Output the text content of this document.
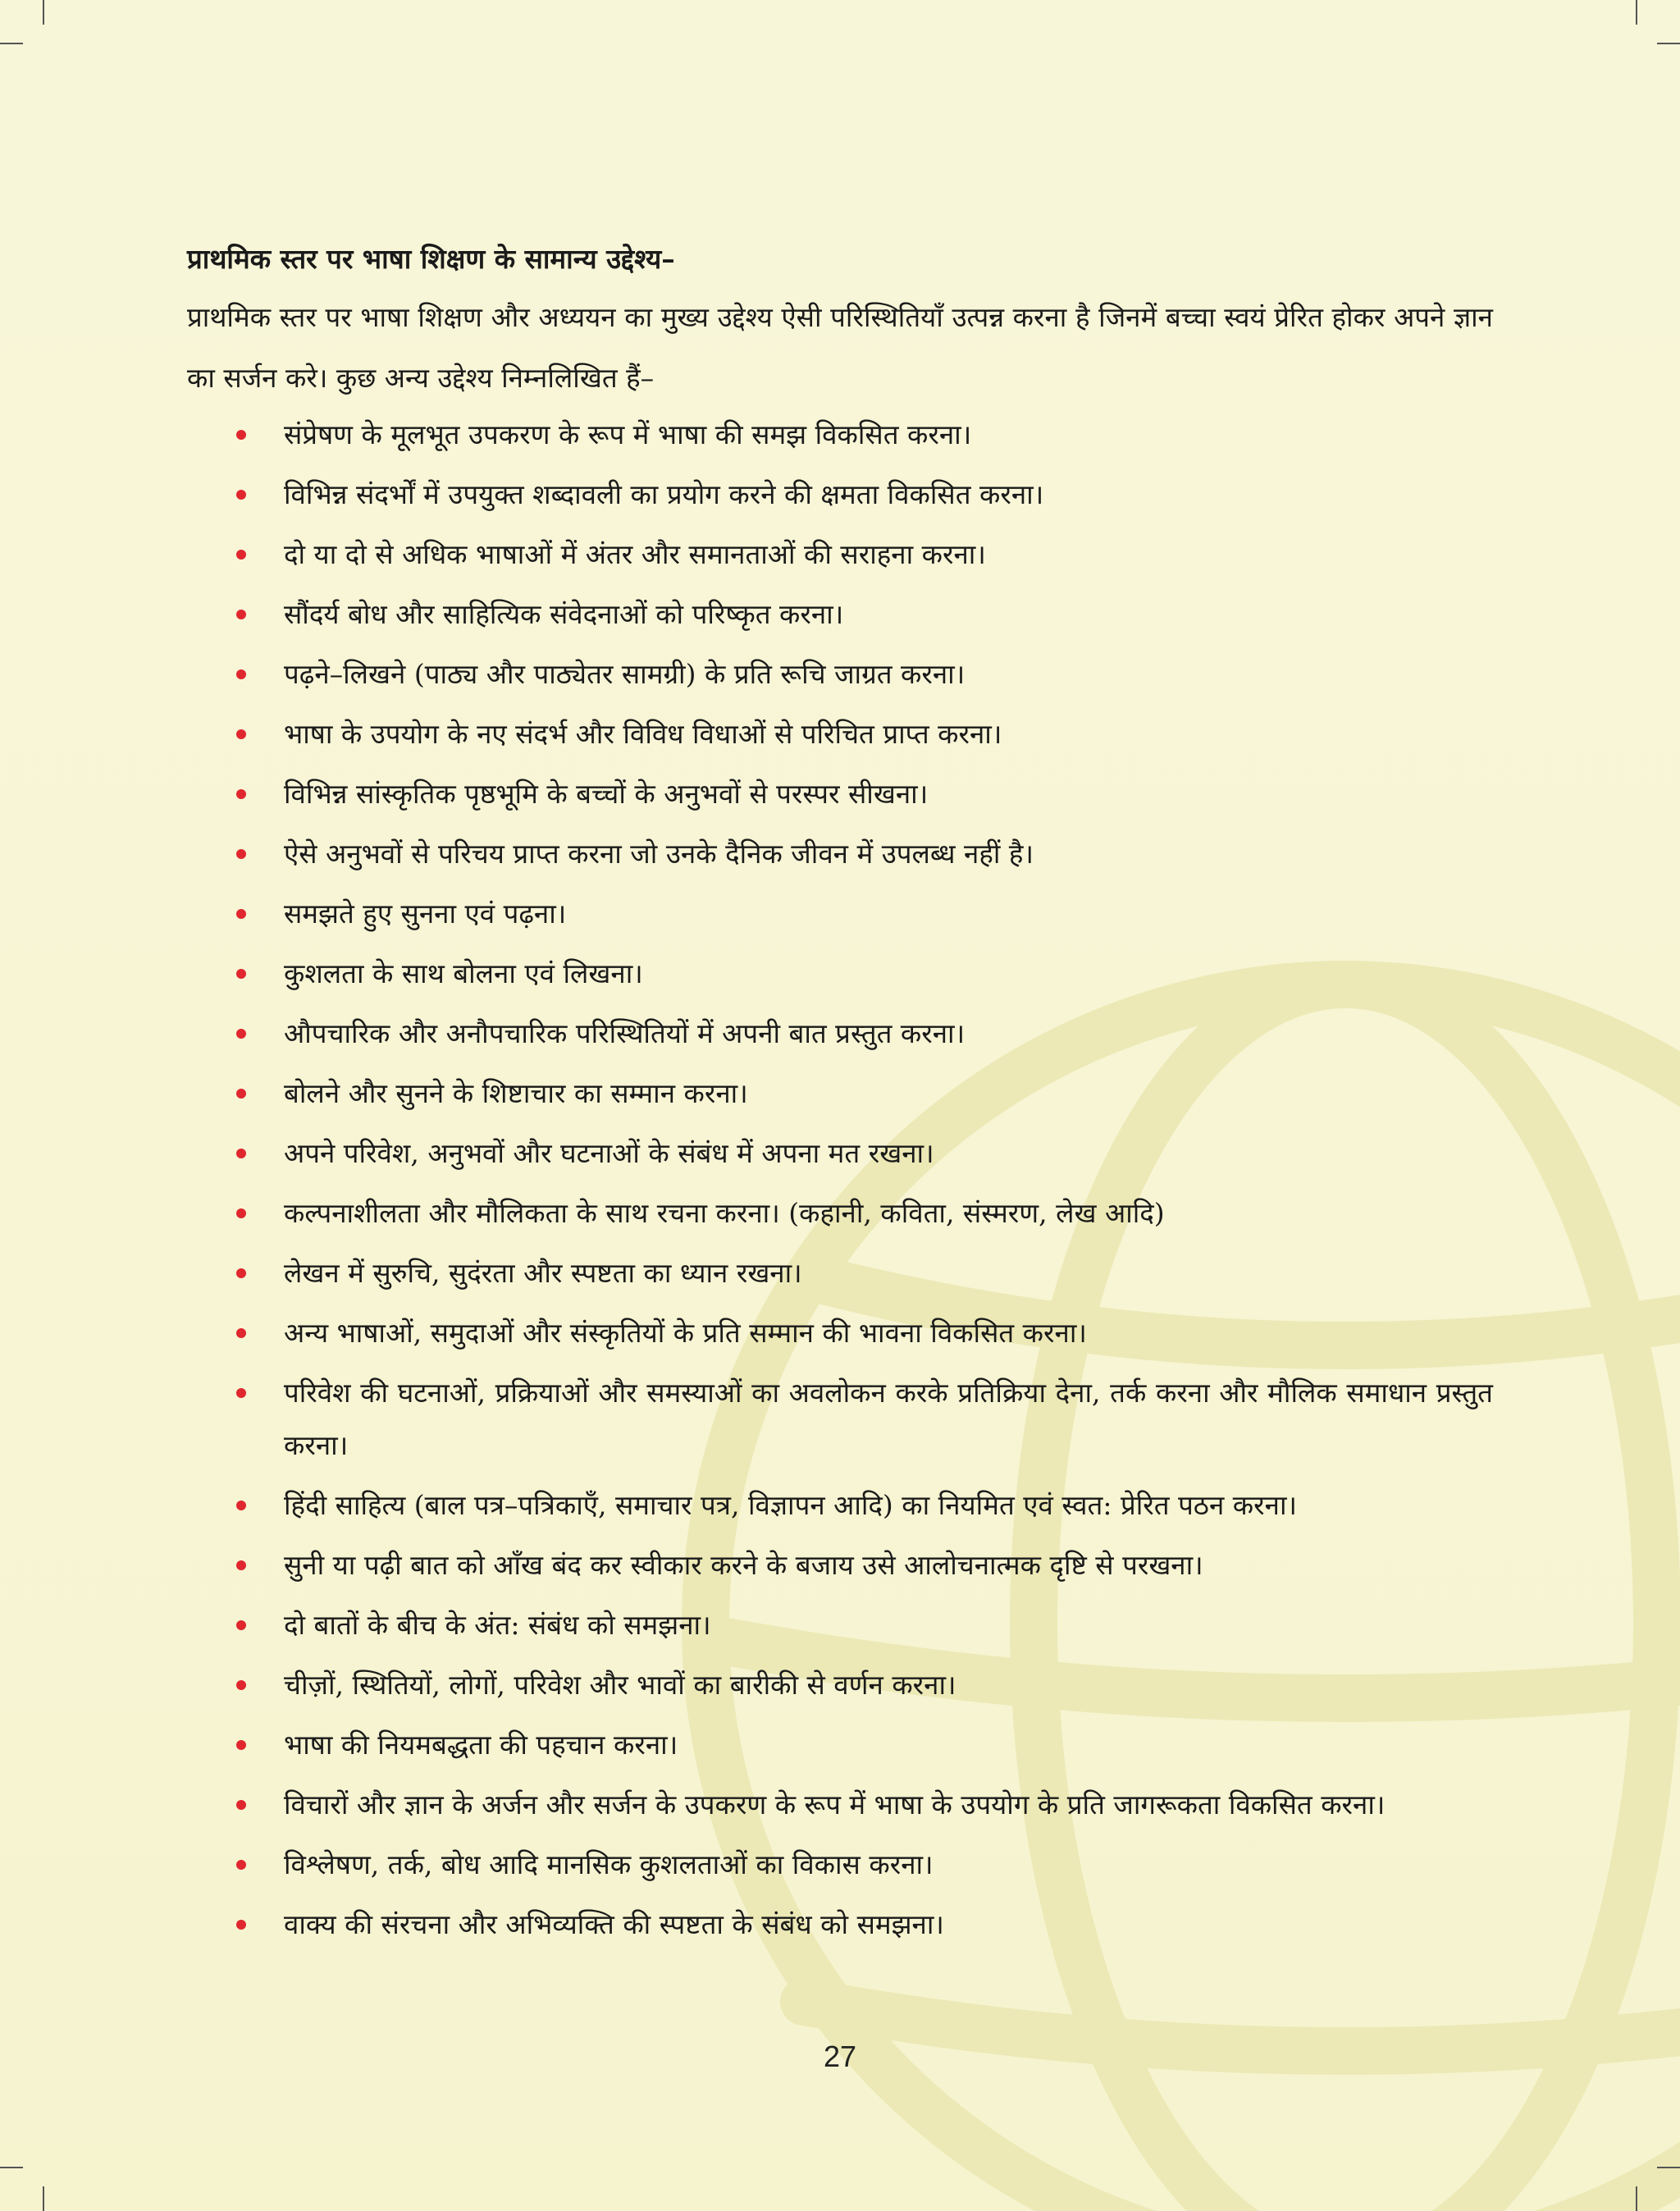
प्राथमिक स्तर पर भाषा शिक्षण के सामान्य उद्देश्य–

प्राथमिक स्तर पर भाषा शिक्षण और अध्ययन का मुख्य उद्देश्य ऐसी परिस्थितियाँ उत्पन्न करना है जिनमें बच्चा स्वयं प्रेरित होकर अपने ज्ञान का सर्जन करे। कुछ अन्य उद्देश्य निम्नलिखित हैं–

संप्रेषण के मूलभूत उपकरण के रूप में भाषा की समझ विकसित करना।
विभिन्न संदर्भों में उपयुक्त शब्दावली का प्रयोग करने की क्षमता विकसित करना।
दो या दो से अधिक भाषाओं में अंतर और समानताओं की सराहना करना।
सौंदर्य बोध और साहित्यिक संवेदनाओं को परिष्कृत करना।
पढ़ने–लिखने (पाठ्य और पाठ्येतर सामग्री) के प्रति रूचि जाग्रत करना।
भाषा के उपयोग के नए संदर्भ और विविध विधाओं से परिचित प्राप्त करना।
विभिन्न सांस्कृतिक पृष्ठभूमि के बच्चों के अनुभवों से परस्पर सीखना।
ऐसे अनुभवों से परिचय प्राप्त करना जो उनके दैनिक जीवन में उपलब्ध नहीं है।
समझते हुए सुनना एवं पढ़ना।
कुशलता के साथ बोलना एवं लिखना।
औपचारिक और अनौपचारिक परिस्थितियों में अपनी बात प्रस्तुत करना।
बोलने और सुनने के शिष्टाचार का सम्मान करना।
अपने परिवेश, अनुभवों और घटनाओं के संबंध में अपना मत रखना।
कल्पनाशीलता और मौलिकता के साथ रचना करना। (कहानी, कविता, संस्मरण, लेख आदि)
लेखन में सुरुचि, सुदंरता और स्पष्टता का ध्यान रखना।
अन्य भाषाओं, समुदाओं और संस्कृतियों के प्रति सम्मान की भावना विकसित करना।
परिवेश की घटनाओं, प्रक्रियाओं और समस्याओं का अवलोकन करके प्रतिक्रिया देना, तर्क करना और मौलिक समाधान प्रस्तुत करना।
हिंदी साहित्य (बाल पत्र–पत्रिकाएँ, समाचार पत्र, विज्ञापन आदि) का नियमित एवं स्वत: प्रेरित पठन करना।
सुनी या पढ़ी बात को आँख बंद कर स्वीकार करने के बजाय उसे आलोचनात्मक दृष्टि से परखना।
दो बातों के बीच के अंत: संबंध को समझना।
चीज़ों, स्थितियों, लोगों, परिवेश और भावों का बारीकी से वर्णन करना।
भाषा की नियमबद्धता की पहचान करना।
विचारों और ज्ञान के अर्जन और सर्जन के उपकरण के रूप में भाषा के उपयोग के प्रति जागरूकता विकसित करना।
विश्लेषण, तर्क, बोध आदि मानसिक कुशलताओं का विकास करना।
वाक्य की संरचना और अभिव्यक्ति की स्पष्टता के संबंध को समझना।
27
